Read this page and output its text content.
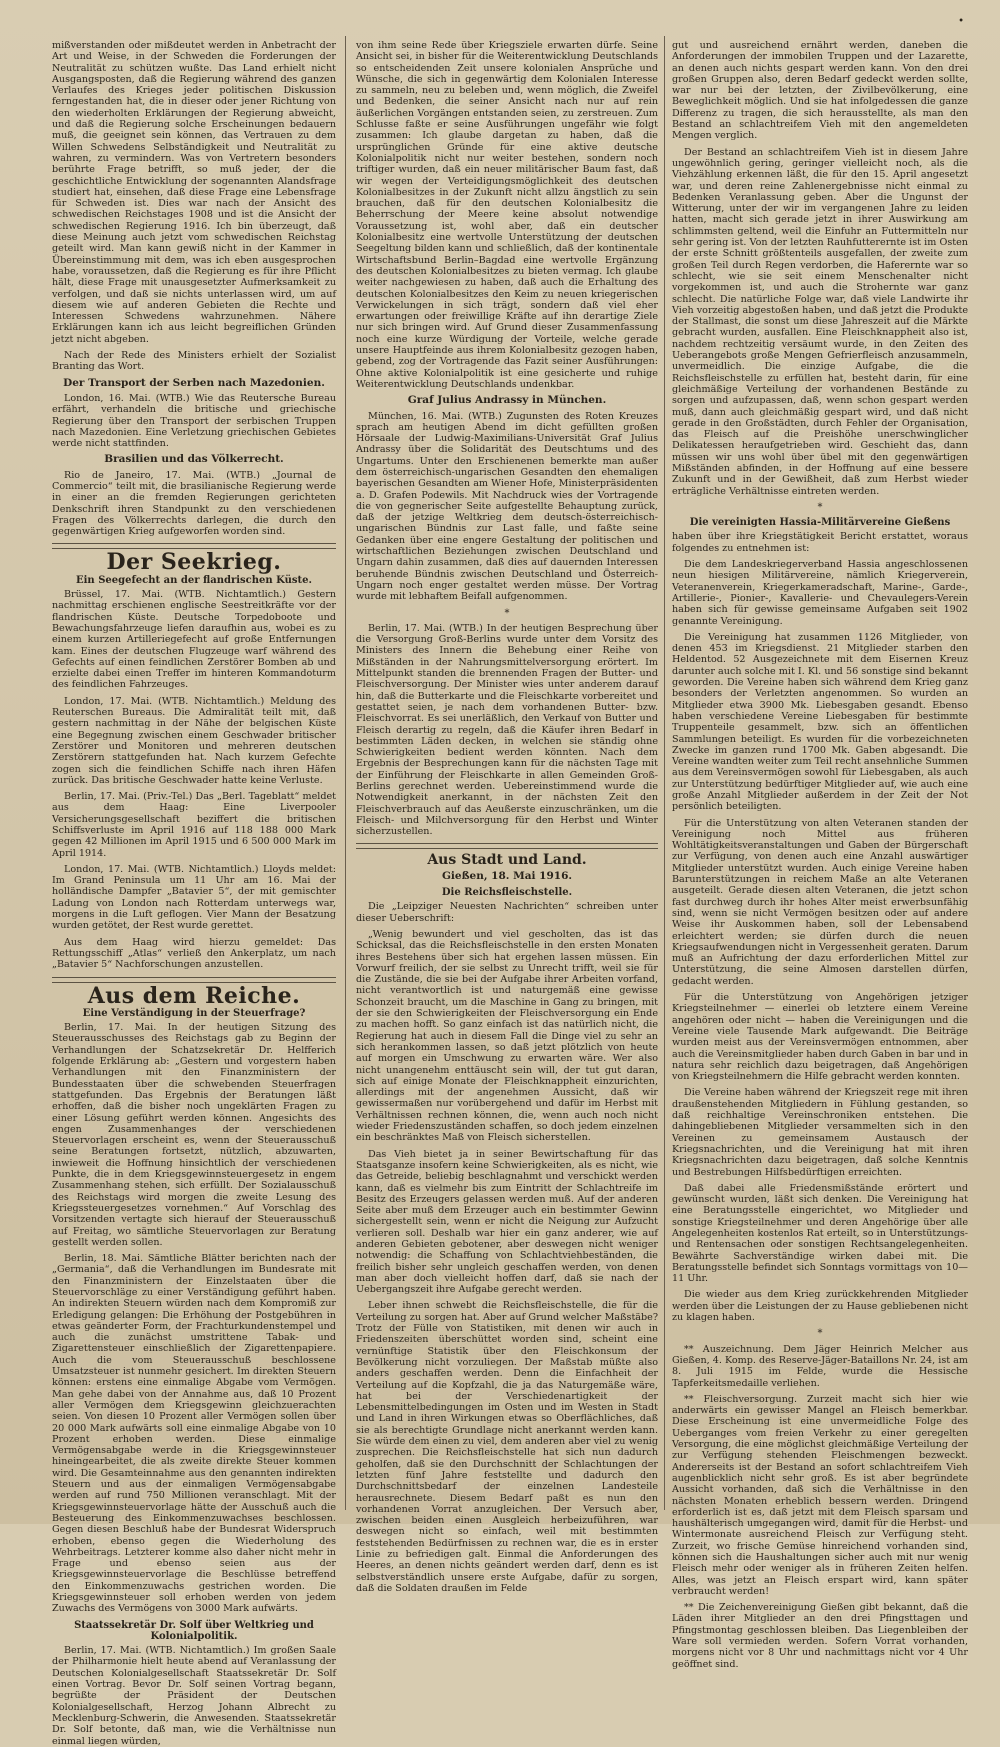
•

mißverstanden oder mißdeutet werden in Anbetracht der Art und Weise, in der Schweden die Forderungen der Neutralität zu schützen wußte. Das Land erhielt nicht Ausgangsposten, daß die Regierung während des ganzen Verlaufes des Krieges jeder politischen Diskussion ferngestanden hat, die in dieser oder jener Richtung von den wiederholten Erklärungen der Regierung abweicht, und daß die Regierung solche Erscheinungen bedauern muß, die geeignet sein können, das Vertrauen zu dem Willen Schwedens Selbständigkeit und Neutralität zu wahren, zu vermindern. Was von Vertretern besonders berührte Frage betrifft, so muß jeder, der die geschichtliche Entwicklung der sogenannten Alandsfrage studiert hat, einsehen, daß diese Frage eine Lebensfrage für Schweden ist. Dies war nach der Ansicht des schwedischen Reichstages 1908 und ist die Ansicht der schwedischen Regierung 1916. Ich bin überzeugt, daß diese Meinung auch jetzt vom schwedischen Reichstag geteilt wird. Man kann gewiß nicht in der Kammer in Übereinstimmung mit dem, was ich eben ausgesprochen habe, voraussetzen, daß die Regierung es für ihre Pflicht hält, diese Frage mit unausgesetzter Aufmerksamkeit zu verfolgen, und daß sie nichts unterlassen wird, um auf diesem wie auf anderen Gebieten die Rechte und Interessen Schwedens wahrzunehmen. Nähere Erklärungen kann ich aus leicht begreiflichen Gründen jetzt nicht abgeben.

Nach der Rede des Ministers erhielt der Sozialist Branting das Wort.

Der Transport der Serben nach Mazedonien.

London, 16. Mai. (WTB.) Wie das Reutersche Bureau erfährt, verhandeln die britische und griechische Regierung über den Transport der serbischen Truppen nach Mazedonien. Eine Verletzung griechischen Gebietes werde nicht stattfinden.

Brasilien und das Völkerrecht.

Rio de Janeiro, 17. Mai. (WTB.) „Journal de Commercio“ teilt mit, die brasilianische Regierung werde in einer an die fremden Regierungen gerichteten Denkschrift ihren Standpunkt zu den verschiedenen Fragen des Völkerrechts darlegen, die durch den gegenwärtigen Krieg aufgeworfen worden sind.

Der Seekrieg.
Ein Seegefecht an der flandrischen Küste.

Brüssel, 17. Mai. (WTB. Nichtamtlich.) Gestern nachmittag erschienen englische Seestreitkräfte vor der flandrischen Küste. Deutsche Torpedoboote und Bewachungsfahrzeuge liefen daraufhin aus, wobei es zu einem kurzen Artilleriegefecht auf große Entfernungen kam. Eines der deutschen Flugzeuge warf während des Gefechts auf einen feindlichen Zerstörer Bomben ab und erzielte dabei einen Treffer im hinteren Kommandoturm des feindlichen Fahrzeuges.

London, 17. Mai. (WTB. Nichtamtlich.) Meldung des Reuterschen Bureaus. Die Admiralität teilt mit, daß gestern nachmittag in der Nähe der belgischen Küste eine Begegnung zwischen einem Geschwader britischer Zerstörer und Monitoren und mehreren deutschen Zerstörern stattgefunden hat. Nach kurzem Gefechte zogen sich die feindlichen Schiffe nach ihren Häfen zurück. Das britische Geschwader hatte keine Verluste.

Berlin, 17. Mai. (Priv.-Tel.) Das „Berl. Tageblatt“ meldet aus dem Haag: Eine Liverpooler Versicherungsgesellschaft beziffert die britischen Schiffsverluste im April 1916 auf 118 188 000 Mark gegen 42 Millionen im April 1915 und 6 500 000 Mark im April 1914.

London, 17. Mai. (WTB. Nichtamtlich.) Lloyds meldet: Im Grand Peninsula um 11 Uhr am 16. Mai der holländische Dampfer „Batavier 5“, der mit gemischter Ladung von London nach Rotterdam unterwegs war, morgens in die Luft geflogen. Vier Mann der Besatzung wurden getötet, der Rest wurde gerettet.

Aus dem Haag wird hierzu gemeldet: Das Rettungsschiff „Atlas“ verließ den Ankerplatz, um nach „Batavier 5“ Nachforschungen anzustellen.

Aus dem Reiche.
Eine Verständigung in der Steuerfrage?

Berlin, 17. Mai. In der heutigen Sitzung des Steuerausschusses des Reichstags gab zu Beginn der Verhandlungen der Schatzsekretär Dr. Helfferich folgende Erklärung ab: „Gestern und vorgestern haben Verhandlungen mit den Finanzministern der Bundesstaaten über die schwebenden Steuerfragen stattgefunden. Das Ergebnis der Beratungen läßt erhoffen, daß die bisher noch ungeklärten Fragen zu einer Lösung geführt werden können. Angesichts des engen Zusammenhanges der verschiedenen Steuervorlagen erscheint es, wenn der Steuerausschuß seine Beratungen fortsetzt, nützlich, abzuwarten, inwieweit die Hoffnung hinsichtlich der verschiedenen Punkte, die in dem Kriegsgewinnsteuergesetz in engem Zusammenhang stehen, sich erfüllt. Der Sozialausschuß des Reichstags wird morgen die zweite Lesung des Kriegssteuergesetzes vornehmen.“ Auf Vorschlag des Vorsitzenden vertagte sich hierauf der Steuerausschuß auf Freitag, wo sämtliche Steuervorlagen zur Beratung gestellt werden sollen.

Berlin, 18. Mai. Sämtliche Blätter berichten nach der „Germania“, daß die Verhandlungen im Bundesrate mit den Finanzministern der Einzelstaaten über die Steuervorschläge zu einer Verständigung geführt haben. An indirekten Steuern würden nach dem Kompromiß zur Erledigung gelangen: Die Erhöhung der Postgebühren in etwas geänderter Form, der Frachturkundenstempel und auch die zunächst umstrittene Tabak- und Zigarettensteuer einschließlich der Zigarettenpapiere. Auch die vom Steuerausschuß beschlossene Umsatzsteuer ist nunmehr gesichert. Im direkten Steuern können: erstens eine einmalige Abgabe vom Vermögen. Man gehe dabei von der Annahme aus, daß 10 Prozent aller Vermögen dem Kriegsgewinn gleichzuerachten seien. Von diesen 10 Prozent aller Vermögen sollen über 20 000 Mark aufwärts soll eine einmalige Abgabe von 10 Prozent erhoben werden. Diese einmalige Vermögensabgabe werde in die Kriegsgewinnsteuer hineingearbeitet, die als zweite direkte Steuer kommen wird. Die Gesamteinnahme aus den genannten indirekten Steuern und aus der einmaligen Vermögensabgabe werden auf rund 750 Millionen veranschlagt. Mit der Kriegsgewinnsteuervorlage hätte der Ausschuß auch die Besteuerung des Einkommenzuwachses beschlossen. Gegen diesen Beschluß habe der Bundesrat Widerspruch erhoben, ebenso gegen die Wiederholung des Wehrbeitrags. Letzterer komme also daher nicht mehr in Frage und ebenso seien aus der Kriegsgewinnsteuervorlage die Beschlüsse betreffend den Einkommenzuwachs gestrichen worden. Die Kriegsgewinnsteuer soll erhoben werden von jedem Zuwachs des Vermögens von 3000 Mark aufwärts.

Staatssekretär Dr. Solf über Weltkrieg und Kolonialpolitik.

Berlin, 17. Mai. (WTB. Nichtamtlich.) Im großen Saale der Philharmonie hielt heute abend auf Veranlassung der Deutschen Kolonialgesellschaft Staatssekretär Dr. Solf einen Vortrag. Bevor Dr. Solf seinen Vortrag begann, begrüßte der Präsident der Deutschen Kolonialgesellschaft, Herzog Johann Albrecht zu Mecklenburg-Schwerin, die Anwesenden. Staatssekretär Dr. Solf betonte, daß man, wie die Verhältnisse nun einmal liegen würden,

von ihm seine Rede über Kriegsziele erwarten dürfe. Seine Ansicht sei, in bisher für die Weiterentwicklung Deutschlands so entscheidenden Zeit unsere kolonialen Ansprüche und Wünsche, die sich in gegenwärtig dem Kolonialen Interesse zu sammeln, neu zu beleben und, wenn möglich, die Zweifel und Bedenken, die seiner Ansicht nach nur auf rein äußerlichen Vorgängen entstanden seien, zu zerstreuen. Zum Schlusse faßte er seine Ausführungen ungefähr wie folgt zusammen: Ich glaube dargetan zu haben, daß die ursprünglichen Gründe für eine aktive deutsche Kolonialpolitik nicht nur weiter bestehen, sondern noch triftiger wurden, daß ein neuer militärischer Baum fast, daß wir wegen der Verteidigungsmöglichkeit des deutschen Kolonialbesitzes in der Zukunft nicht allzu ängstlich zu sein brauchen, daß für den deutschen Kolonialbesitz die Beherrschung der Meere keine absolut notwendige Voraussetzung ist, wohl aber, daß ein deutscher Kolonialbesitz eine wertvolle Unterstützung der deutschen Seegeltung bilden kann und schließlich, daß der kontinentale Wirtschaftsbund Berlin–Bagdad eine wertvolle Ergänzung des deutschen Kolonialbesitzes zu bieten vermag. Ich glaube weiter nachgewiesen zu haben, daß auch die Erhaltung des deutschen Kolonialbesitzes den Keim zu neuen kriegerischen Verwickelungen in sich trägt, sondern daß viel eher erwartungen oder freiwillige Kräfte auf ihn derartige Ziele nur sich bringen wird. Auf Grund dieser Zusammenfassung noch eine kurze Würdigung der Vorteile, welche gerade unsere Hauptfeinde aus ihrem Kolonialbesitz gezogen haben, gebend, zog der Vortragende das Fazit seiner Ausführungen: Ohne aktive Kolonialpolitik ist eine gesicherte und ruhige Weiterentwicklung Deutschlands undenkbar.

Graf Julius Andrassy in München.

München, 16. Mai. (WTB.) Zugunsten des Roten Kreuzes sprach am heutigen Abend im dicht gefüllten großen Hörsaale der Ludwig-Maximilians-Universität Graf Julius Andrassy über die Solidarität des Deutschtums und des Ungartums. Unter den Erschienenen bemerkte man außer dem österreichisch-ungarischen Gesandten den ehemaligen bayerischen Gesandten am Wiener Hofe, Ministerpräsidenten a. D. Grafen Podewils. Mit Nachdruck wies der Vortragende die von gegnerischer Seite aufgestellte Behauptung zurück, daß der jetzige Weltkrieg dem deutsch-österreichisch-ungarischen Bündnis zur Last falle, und faßte seine Gedanken über eine engere Gestaltung der politischen und wirtschaftlichen Beziehungen zwischen Deutschland und Ungarn dahin zusammen, daß dies auf dauernden Interessen beruhende Bündnis zwischen Deutschland und Österreich-Ungarn noch enger gestaltet werden müsse. Der Vortrag wurde mit lebhaftem Beifall aufgenommen.

*

Berlin, 17. Mai. (WTB.) In der heutigen Besprechung über die Versorgung Groß-Berlins wurde unter dem Vorsitz des Ministers des Innern die Behebung einer Reihe von Mißständen in der Nahrungsmittelversorgung erörtert. Im Mittelpunkt standen die brennenden Fragen der Butter- und Fleischversorgung. Der Minister wies unter anderem darauf hin, daß die Butterkarte und die Fleischkarte vorbereitet und gestattet seien, je nach dem vorhandenen Butter- bzw. Fleischvorrat. Es sei unerläßlich, den Verkauf von Butter und Fleisch derartig zu regeln, daß die Käufer ihren Bedarf in bestimmten Läden decken, in welchen sie ständig ohne Schwierigkeiten bedient werden könnten. Nach dem Ergebnis der Besprechungen kann für die nächsten Tage mit der Einführung der Fleischkarte in allen Gemeinden Groß-Berlins gerechnet werden. Uebereinstimmend wurde die Notwendigkeit anerkannt, in der nächsten Zeit den Fleischverbrauch auf das Aeußerste einzuschränken, um die Fleisch- und Milchversorgung für den Herbst und Winter sicherzustellen.

Aus Stadt und Land.
Gießen, 18. Mai 1916.
Die Reichsfleischstelle.

Die „Leipziger Neuesten Nachrichten“ schreiben unter dieser Ueberschrift:

„Wenig bewundert und viel gescholten, das ist das Schicksal, das die Reichsfleischstelle in den ersten Monaten ihres Bestehens über sich hat ergehen lassen müssen. Ein Vorwurf freilich, der sie selbst zu Unrecht trifft, weil sie für die Zustände, die sie bei der Aufgabe ihrer Arbeiten vorfand, nicht verantwortlich ist und naturgemäß eine gewisse Schonzeit braucht, um die Maschine in Gang zu bringen, mit der sie den Schwierigkeiten der Fleischversorgung ein Ende zu machen hofft. So ganz einfach ist das natürlich nicht, die Regierung hat auch in diesem Fall die Dinge viel zu sehr an sich herankommen lassen, so daß jetzt plötzlich von heute auf morgen ein Umschwung zu erwarten wäre. Wer also nicht unangenehm enttäuscht sein will, der tut gut daran, sich auf einige Monate der Fleischknappheit einzurichten, allerdings mit der angenehmen Aussicht, daß wir gewissermaßen nur vorübergehend und dafür im Herbst mit Verhältnissen rechnen können, die, wenn auch noch nicht wieder Friedenszuständen schaffen, so doch jedem einzelnen ein beschränktes Maß von Fleisch sicherstellen.

Das Vieh bietet ja in seiner Bewirtschaftung für das Staatsganze insofern keine Schwierigkeiten, als es nicht, wie das Getreide, beliebig beschlagnahmt und verschickt werden kann, daß es vielmehr bis zum Eintritt der Schlachtreife im Besitz des Erzeugers gelassen werden muß. Auf der anderen Seite aber muß dem Erzeuger auch ein bestimmter Gewinn sichergestellt sein, wenn er nicht die Neigung zur Aufzucht verlieren soll. Deshalb war hier ein ganz anderer, wie auf anderen Gebieten gebotener, aber deswegen nicht weniger notwendig: die Schaffung von Schlachtviehbeständen, die freilich bisher sehr ungleich geschaffen werden, von denen man aber doch vielleicht hoffen darf, daß sie nach der Uebergangszeit ihre Aufgabe gerecht werden.

Leber ihnen schwebt die Reichsfleischstelle, die für die Verteilung zu sorgen hat. Aber auf Grund welcher Maßstäbe? Trotz der Fülle von Statistiken, mit denen wir auch in Friedenszeiten überschüttet worden sind, scheint eine vernünftige Statistik über den Fleischkonsum der Bevölkerung nicht vorzuliegen. Der Maßstab müßte also anders geschaffen werden. Denn die Einfachheit der Verteilung auf die Kopfzahl, die ja das Naturgemäße wäre, hat bei der Verschiedenartigkeit der Lebensmittelbedingungen im Osten und im Westen in Stadt und Land in ihren Wirkungen etwas so Oberflächliches, daß sie als berechtigte Grundlage nicht anerkannt werden kann. Sie würde dem einen zu viel, dem anderen aber viel zu wenig zusprechen. Die Reichsfleischstelle hat sich nun dadurch geholfen, daß sie den Durchschnitt der Schlachtungen der letzten fünf Jahre feststellte und dadurch den Durchschnittsbedarf der einzelnen Landesteile herausrechnete. Diesem Bedarf paßt es nun den vorhandenen Vorrat anzugleichen. Der Versuch aber, zwischen beiden einen Ausgleich herbeizuführen, war deswegen nicht so einfach, weil mit bestimmten feststehenden Bedürfnissen zu rechnen war, die es in erster Linie zu befriedigen galt. Einmal die Anforderungen des Heeres, an denen nichts geändert werden darf, denn es ist selbstverständlich unsere erste Aufgabe, dafür zu sorgen, daß die Soldaten draußen im Felde

gut und ausreichend ernährt werden, daneben die Anforderungen der immobilen Truppen und der Lazarette, an denen auch nichts gespart werden kann. Von den drei großen Gruppen also, deren Bedarf gedeckt werden sollte, war nur bei der letzten, der Zivilbevölkerung, eine Beweglichkeit möglich. Und sie hat infolgedessen die ganze Differenz zu tragen, die sich herausstellte, als man den Bestand an schlachtreifem Vieh mit den angemeldeten Mengen verglich.

Der Bestand an schlachtreifem Vieh ist in diesem Jahre ungewöhnlich gering, geringer vielleicht noch, als die Viehzählung erkennen läßt, die für den 15. April angesetzt war, und deren reine Zahlenergebnisse nicht einmal zu Bedenken Veranlassung geben. Aber die Ungunst der Witterung, unter der wir im vergangenen Jahre zu leiden hatten, macht sich gerade jetzt in ihrer Auswirkung am schlimmsten geltend, weil die Einfuhr an Futtermitteln nur sehr gering ist. Von der letzten Rauhfutterernte ist im Osten der erste Schnitt größtenteils ausgefallen, der zweite zum großen Teil durch Regen verdorben, die Haferernte war so schlecht, wie sie seit einem Menschenalter nicht vorgekommen ist, und auch die Strohernte war ganz schlecht. Die natürliche Folge war, daß viele Landwirte ihr Vieh vorzeitig abgestoßen haben, und daß jetzt die Produkte der Stallmast, die sonst um diese Jahreszeit auf die Märkte gebracht wurden, ausfallen. Eine Fleischknappheit also ist, nachdem rechtzeitig versäumt wurde, in den Zeiten des Ueberangebots große Mengen Gefrierfleisch anzusammeln, unvermeidlich. Die einzige Aufgabe, die die Reichsfleischstelle zu erfüllen hat, besteht darin, für eine gleichmäßige Verteilung der vorhandenen Bestände zu sorgen und aufzupassen, daß, wenn schon gespart werden muß, dann auch gleichmäßig gespart wird, und daß nicht gerade in den Großstädten, durch Fehler der Organisation, das Fleisch auf die Preishöhe unerschwinglicher Delikatessen heraufgetrieben wird. Geschieht das, dann müssen wir uns wohl über übel mit den gegenwärtigen Mißständen abfinden, in der Hoffnung auf eine bessere Zukunft und in der Gewißheit, daß zum Herbst wieder erträgliche Verhältnisse eintreten werden.

*
Die vereinigten Hassia-Militärvereine Gießens

haben über ihre Kriegstätigkeit Bericht erstattet, woraus folgendes zu entnehmen ist:

Die dem Landeskriegerverband Hassia angeschlossenen neun hiesigen Militärvereine, nämlich Kriegerverein, Veteranenverein, Kriegerkameradschaft, Marine-, Garde-, Artillerie-, Pionier-, Kavallerie- und Chevaulegers-Verein haben sich für gewisse gemeinsame Aufgaben seit 1902 genannte Vereinigung.

Die Vereinigung hat zusammen 1126 Mitglieder, von denen 453 im Kriegsdienst. 21 Mitglieder starben den Heldentod. 52 Ausgezeichnete mit dem Eisernen Kreuz darunter auch solche mit I. Kl. und 56 sonstige sind bekannt geworden. Die Vereine haben sich während dem Krieg ganz besonders der Verletzten angenommen. So wurden an Mitglieder etwa 3900 Mk. Liebesgaben gesandt. Ebenso haben verschiedene Vereine Liebesgaben für bestimmte Truppenteile gesammelt, bzw. sich an öffentlichen Sammlungen beteiligt. Es wurden für die vorbezeichneten Zwecke im ganzen rund 1700 Mk. Gaben abgesandt. Die Vereine wandten weiter zum Teil recht ansehnliche Summen aus dem Vereinsvermögen sowohl für Liebesgaben, als auch zur Unterstützung bedürftiger Mitglieder auf, wie auch eine große Anzahl Mitglieder außerdem in der Zeit der Not persönlich beteiligten.

Für die Unterstützung von alten Veteranen standen der Vereinigung noch Mittel aus früheren Wohltätigkeitsveranstaltungen und Gaben der Bürgerschaft zur Verfügung, von denen auch eine Anzahl auswärtiger Mitglieder unterstützt wurden. Auch einige Vereine haben Barunterstützungen in reichem Maße an alte Veteranen ausgeteilt. Gerade diesen alten Veteranen, die jetzt schon fast durchweg durch ihr hohes Alter meist erwerbsunfähig sind, wenn sie nicht Vermögen besitzen oder auf andere Weise ihr Auskommen haben, soll der Lebensabend erleichtert werden; sie dürfen durch die neuen Kriegsaufwendungen nicht in Vergessenheit geraten. Darum muß an Aufrichtung der dazu erforderlichen Mittel zur Unterstützung, die seine Almosen darstellen dürfen, gedacht werden.

Für die Unterstützung von Angehörigen jetziger Kriegsteilnehmer — einerlei ob letztere einem Vereine angehören oder nicht — haben die Vereinigungen und die Vereine viele Tausende Mark aufgewandt. Die Beiträge wurden meist aus der Vereinsvermögen entnommen, aber auch die Vereinsmitglieder haben durch Gaben in bar und in natura sehr reichlich dazu beigetragen, daß Angehörigen von Kriegsteilnehmern die Hilfe gebracht werden konnten.

Die Vereine haben während der Kriegszeit rege mit ihren draußenstehenden Mitgliedern in Fühlung gestanden, so daß reichhaltige Vereinschroniken entstehen. Die dahingebliebenen Mitglieder versammelten sich in den Vereinen zu gemeinsamem Austausch der Kriegsnachrichten, und die Vereinigung hat mit ihren Kriegsnachrichten dazu beigetragen, daß solche Kenntnis und Bestrebungen Hilfsbedürftigen erreichten.

Daß dabei alle Friedensmißstände erörtert und gewünscht wurden, läßt sich denken. Die Vereinigung hat eine Beratungsstelle eingerichtet, wo Mitglieder und sonstige Kriegsteilnehmer und deren Angehörige über alle Angelegenheiten kostenlos Rat erteilt, so in Unterstützungs- und Rentensachen oder sonstigen Rechtsangelegenheiten. Bewährte Sachverständige wirken dabei mit. Die Beratungsstelle befindet sich Sonntags vormittags von 10—11 Uhr.

Die wieder aus dem Krieg zurückkehrenden Mitglieder werden über die Leistungen der zu Hause gebliebenen nicht zu klagen haben.

*

** Auszeichnung. Dem Jäger Heinrich Melcher aus Gießen, 4. Komp. des Reserve-Jäger-Bataillons Nr. 24, ist am 8. Juli 1915 im Felde, wurde die Hessische Tapferkeitsmedaille verliehen.

** Fleischversorgung. Zurzeit macht sich hier wie anderwärts ein gewisser Mangel an Fleisch bemerkbar. Diese Erscheinung ist eine unvermeidliche Folge des Ueberganges vom freien Verkehr zu einer geregelten Versorgung, die eine möglichst gleichmäßige Verteilung der zur Verfügung stehenden Fleischmengen bezweckt. Andererseits ist der Bestand an sofort schlachtreifem Vieh augenblicklich nicht sehr groß. Es ist aber begründete Aussicht vorhanden, daß sich die Verhältnisse in den nächsten Monaten erheblich bessern werden. Dringend erforderlich ist es, daß jetzt mit dem Fleisch sparsam und haushälterisch umgegangen wird, damit für die Herbst- und Wintermonate ausreichend Fleisch zur Verfügung steht. Zurzeit, wo frische Gemüse hinreichend vorhanden sind, können sich die Haushaltungen sicher auch mit nur wenig Fleisch mehr oder weniger als in früheren Zeiten helfen. Alles, was jetzt an Fleisch erspart wird, kann später verbraucht werden!

** Die Zeichenvereinigung Gießen gibt bekannt, daß die Läden ihrer Mitglieder an den drei Pfingsttagen und Pfingstmontag geschlossen bleiben. Das Liegenbleiben der Ware soll vermieden werden. Sofern Vorrat vorhanden, morgens nicht vor 8 Uhr und nachmittags nicht vor 4 Uhr geöffnet sind.
